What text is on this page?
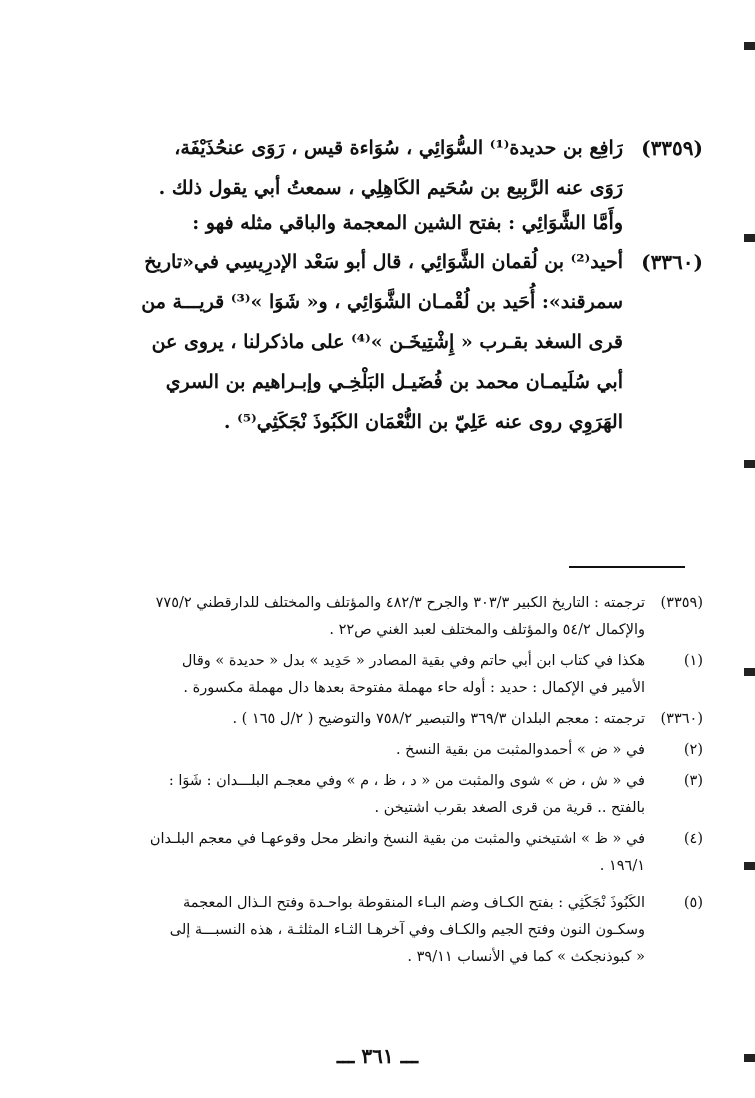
(٣٣٥٩)
رَافِع بن حديدة⁽¹⁾ السُّوَائِي ، سُوَاءة قيس ، رَوَى عنحُذَيْفَة،
رَوَى عنه الرَّبِيع بن سُحَيم الكَاهِلِي ، سمعتُ أبي يقول ذلك .
وأَمَّا الشَّوَائِي : بفتح الشين المعجمة والباقي مثله فهو :
(٣٣٦٠)
أحيد⁽²⁾ بن لُقمان الشَّوَائِي ، قال أبو سَعْد الإدرِيسِي في«تاريخ
سمرقند»: أُحَيد بن لُقْمـان الشَّوَائِي ، و« شَوَا »⁽³⁾ قريـــة من
قرى السغد بقـرب « إِشْتِيخَـن »⁽⁴⁾ على ماذكرلنا ، يروى عن
أبي سُلَيمـان محمد بن فُضَيـل البَلْخِـي وإبـراهيم بن السري
الهَرَوِي روى عنه عَلِيّ بن النُّعْمَان الكَبُوذَ نْجَكَثِي⁽⁵⁾ .
(٣٣٥٩)
ترجمته : التاريخ الكبير ٣٠٣/٣ والجرح ٤٨٢/٣ والمؤتلف والمختلف للدارقطني ٧٧٥/٢
والإكمال ٥٤/٢ والمؤتلف والمختلف لعبد الغني ص٢٢ .
(١)
هكذا في كتاب ابن أبي حاتم وفي بقية المصادر « حَدِيد » بدل « حديدة » وقال
الأمير في الإكمال : حديد : أوله حاء مهملة مفتوحة بعدها دال مهملة مكسورة .
(٣٣٦٠)
ترجمته : معجم البلدان ٣٦٩/٣ والتبصير ٧٥٨/٢ والتوضيح ( ٢/ل ١٦٥ ) .
(٢)
في « ض » أحمدوالمثبت من بقية النسخ .
(٣)
في « ش ، ض » شوى والمثبت من « د ، ظ ، م » وفي معجـم البلـــدان : شَوَا :
بالفتح .. قرية من قرى الصغد بقرب اشتيخن .
(٤)
في « ظ » اشتيخني والمثبت من بقية النسخ وانظر محل وقوعهـا في معجم البلـدان
١٩٦/١ .
(٥)
الكَبُوذَ نْجَكَثِي : بفتح الكـاف وضم البـاء المنقوطة بواحـدة وفتح الـذال المعجمة
وسكـون النون وفتح الجيم والكـاف وفي آخرهـا الثـاء المثلثـة ، هذه النسبـــة إلى
« كبوذنجكث » كما في الأنساب ٣٩/١١ .
ـــ ٣٦١ ـــ
